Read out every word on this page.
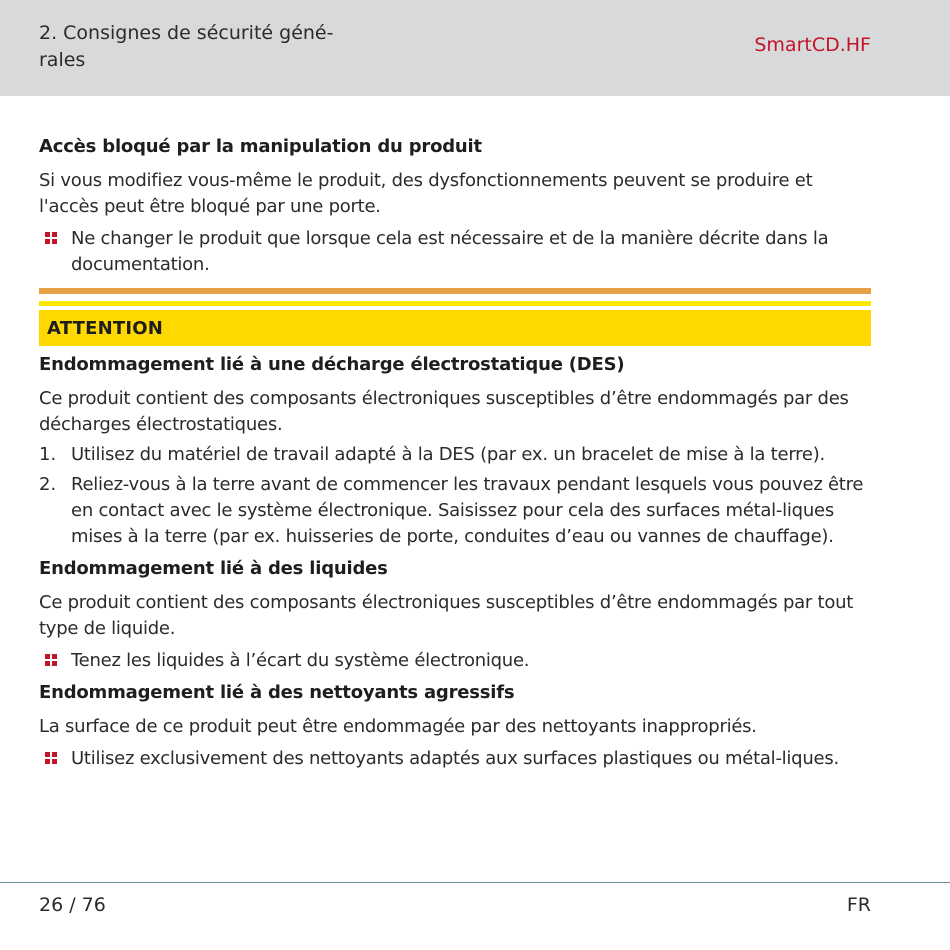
2. Consignes de sécurité géné-
rales
SmartCD.HF
Accès bloqué par la manipulation du produit
Si vous modifiez vous-même le produit, des dysfonctionnements peuvent se produire et l'accès peut être bloqué par une porte.
Ne changer le produit que lorsque cela est nécessaire et de la manière décrite dans la documentation.
ATTENTION
Endommagement lié à une décharge électrostatique (DES)
Ce produit contient des composants électroniques susceptibles d’être endommagés par des décharges électrostatiques.
1. Utilisez du matériel de travail adapté à la DES (par ex. un bracelet de mise à la terre).
2. Reliez-vous à la terre avant de commencer les travaux pendant lesquels vous pouvez être en contact avec le système électronique. Saisissez pour cela des surfaces métal-liques mises à la terre (par ex. huisseries de porte, conduites d’eau ou vannes de chauffage).
Endommagement lié à des liquides
Ce produit contient des composants électroniques susceptibles d’être endommagés par tout type de liquide.
Tenez les liquides à l’écart du système électronique.
Endommagement lié à des nettoyants agressifs
La surface de ce produit peut être endommagée par des nettoyants inappropriés.
Utilisez exclusivement des nettoyants adaptés aux surfaces plastiques ou métal-liques.
26 / 76	FR
